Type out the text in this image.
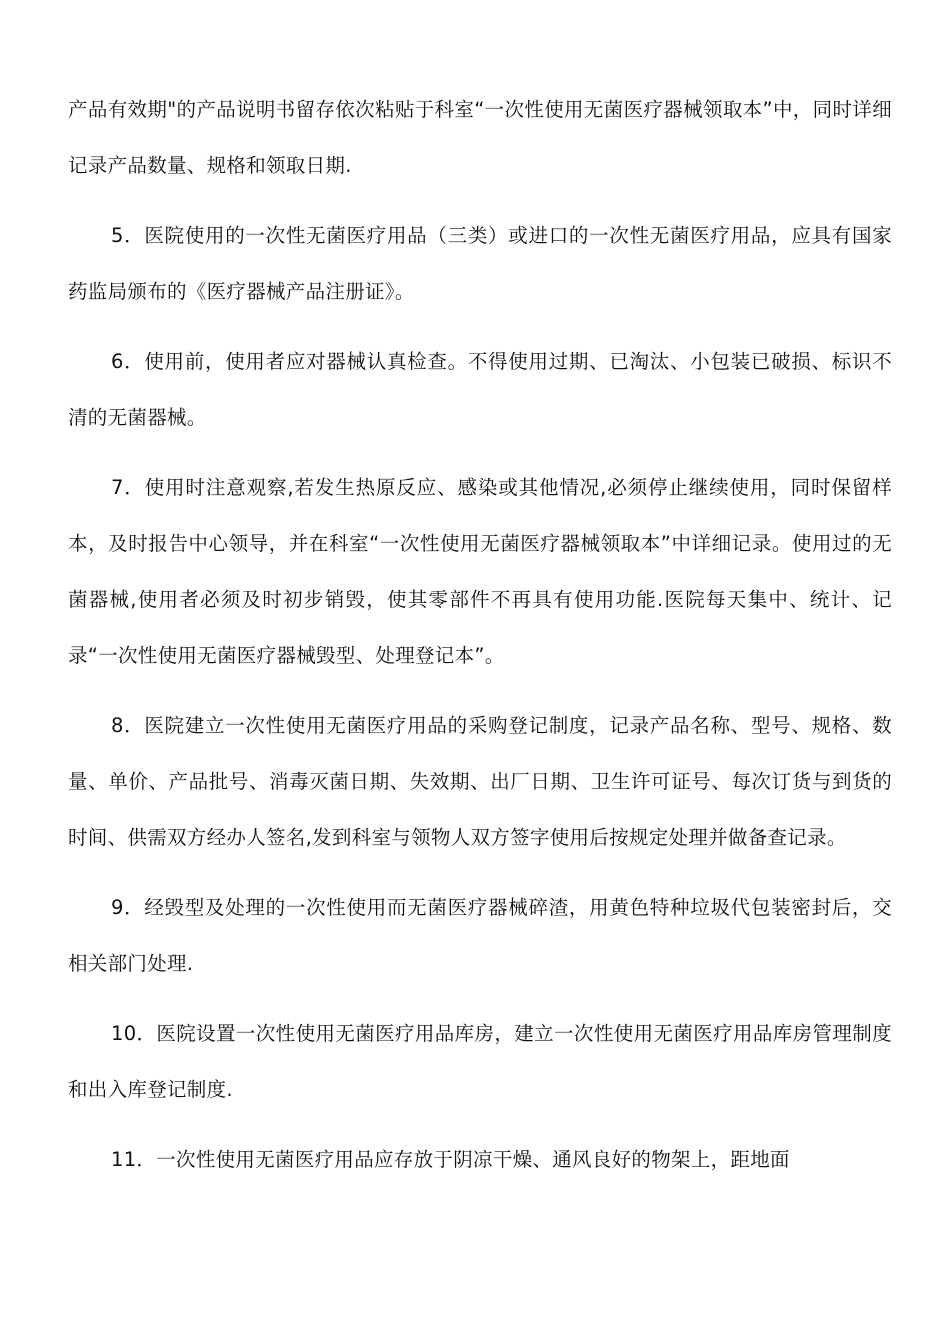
产品有效期"的产品说明书留存依次粘贴于科室“一次性使用无菌医疗器械领取本”中，同时详细记录产品数量、规格和领取日期.

5．医院使用的一次性无菌医疗用品（三类）或进口的一次性无菌医疗用品，应具有国家药监局颁布的《医疗器械产品注册证》。

6．使用前，使用者应对器械认真检查。不得使用过期、已淘汰、小包装已破损、标识不清的无菌器械。

7．使用时注意观察,若发生热原反应、感染或其他情况,必须停止继续使用，同时保留样本，及时报告中心领导，并在科室“一次性使用无菌医疗器械领取本”中详细记录。使用过的无菌器械,使用者必须及时初步销毁，使其零部件不再具有使用功能.医院每天集中、统计、记录“一次性使用无菌医疗器械毁型、处理登记本”。

8．医院建立一次性使用无菌医疗用品的采购登记制度，记录产品名称、型号、规格、数量、单价、产品批号、消毒灭菌日期、失效期、出厂日期、卫生许可证号、每次订货与到货的时间、供需双方经办人签名,发到科室与领物人双方签字使用后按规定处理并做备查记录。

9．经毁型及处理的一次性使用而无菌医疗器械碎渣，用黄色特种垃圾代包装密封后，交相关部门处理.

10．医院设置一次性使用无菌医疗用品库房，建立一次性使用无菌医疗用品库房管理制度和出入库登记制度.

11．一次性使用无菌医疗用品应存放于阴凉干燥、通风良好的物架上，距地面
